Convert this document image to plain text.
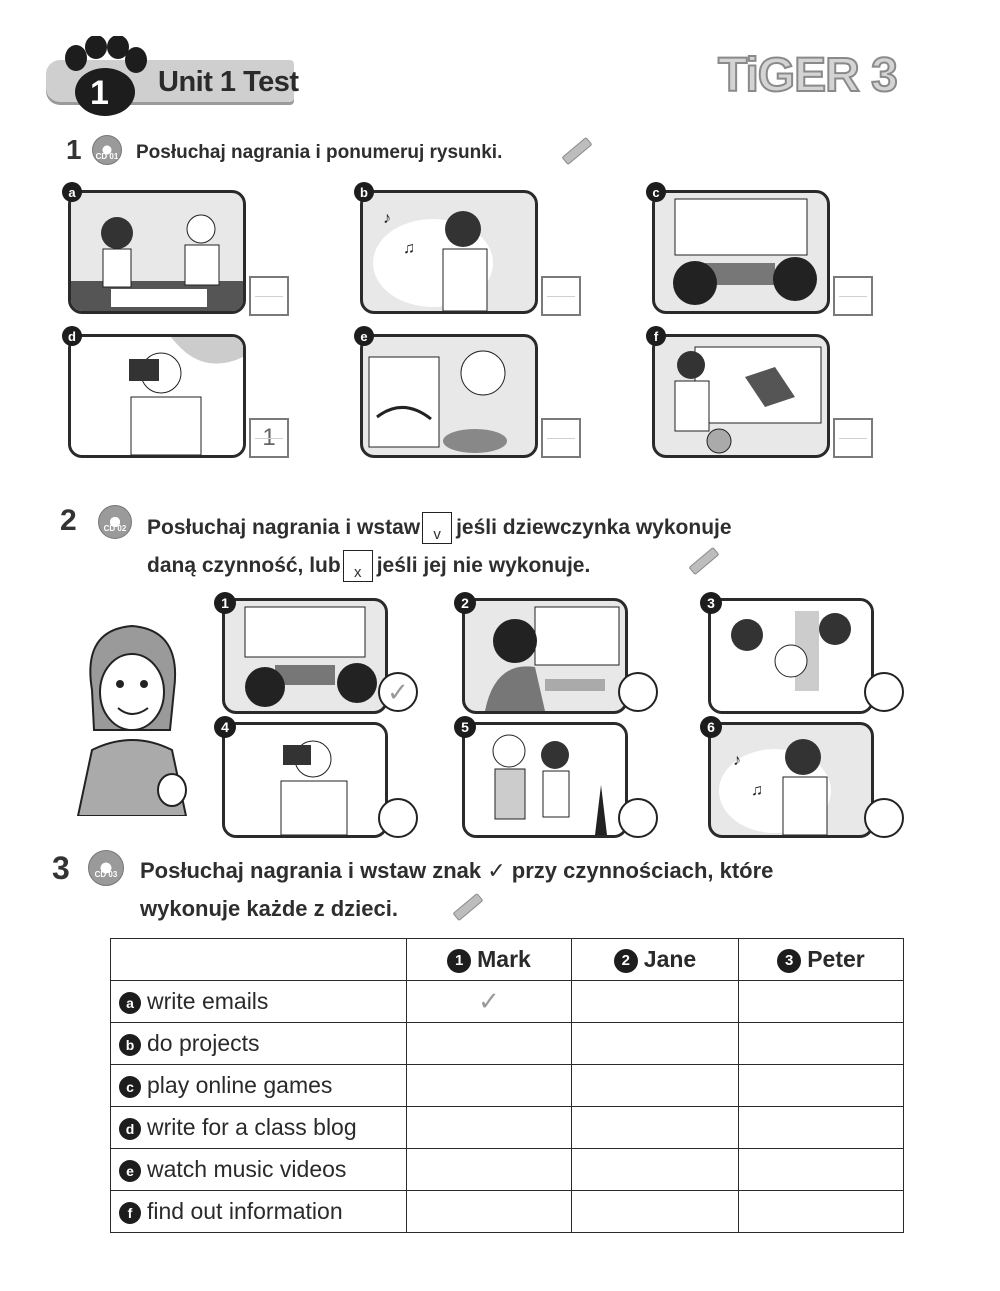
1 Unit 1 Test	TiGER 3
1 CD 01 Posłuchaj nagrania i ponumeruj rysunki.
a
♪
♫
b	c
d
1
e	f
2	CD 02 Posłuchaj nagrania i wstaw v jeśli dziewczynka wykonuje
daną czynność, lub x jeśli jej nie wykonuje.
1
✓
2	3
4	5
♪
♫
6
3	CD 03 Posłuchaj nagrania i wstaw znak ✓ przy czynnościach, które
wykonuje każde z dzieci.
	1 Mark	2 Jane	3 Peter
a write emails	✓		
b do projects			
c play online games			
d write for a class blog			
e watch music videos			
f find out information			
